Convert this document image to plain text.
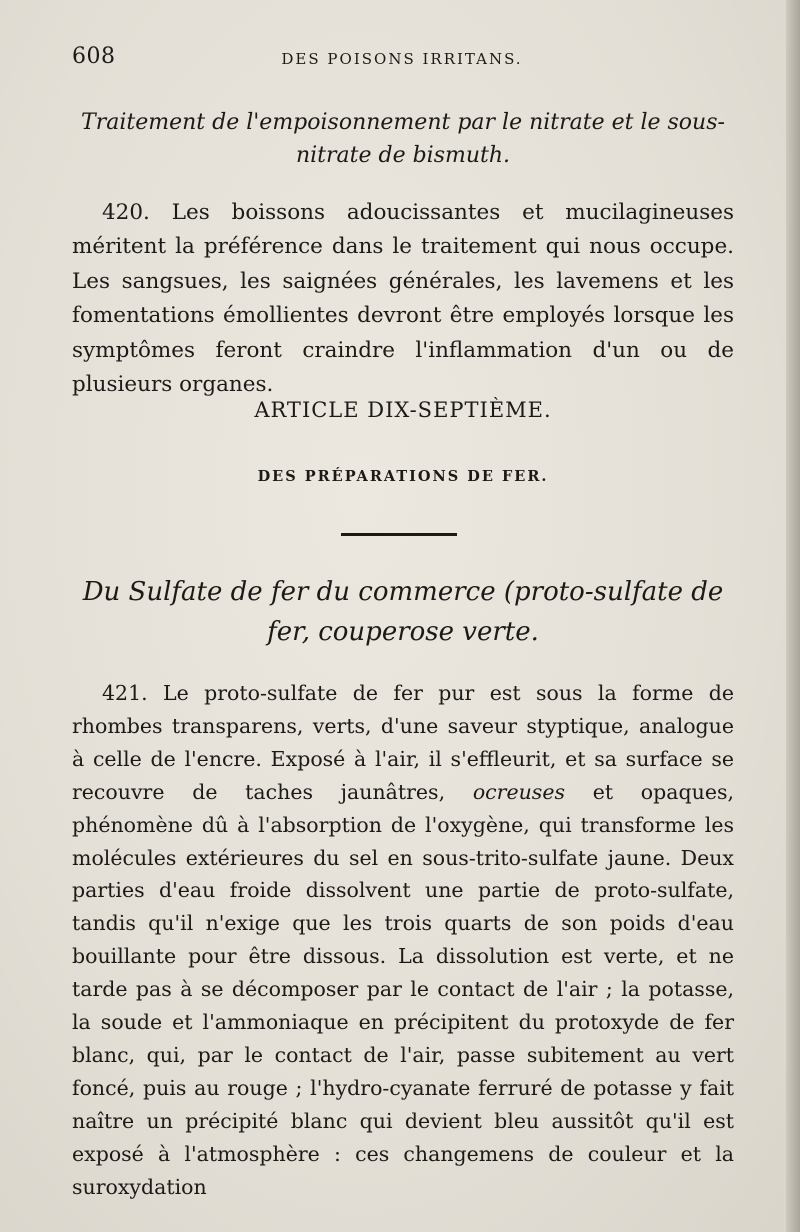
608	DES POISONS IRRITANS.
Traitement de l'empoisonnement par le nitrate et le sous-
nitrate de bismuth.
420. Les boissons adoucissantes et mucilagineuses méritent la préférence dans le traitement qui nous occupe. Les sangsues, les saignées générales, les lavemens et les fomentations émollientes devront être employés lorsque les symptômes feront craindre l'inflammation d'un ou de plusieurs organes.
ARTICLE DIX-SEPTIÈME.
DES PRÉPARATIONS DE FER.
Du Sulfate de fer du commerce (proto-sulfate de
fer, couperose verte.
421. Le proto-sulfate de fer pur est sous la forme de rhombes transparens, verts, d'une saveur styptique, analogue à celle de l'encre. Exposé à l'air, il s'effleurit, et sa surface se recouvre de taches jaunâtres, ocreuses et opaques, phénomène dû à l'absorption de l'oxygène, qui transforme les molécules extérieures du sel en sous-trito-sulfate jaune. Deux parties d'eau froide dissolvent une partie de proto-sulfate, tandis qu'il n'exige que les trois quarts de son poids d'eau bouillante pour être dissous. La dissolution est verte, et ne tarde pas à se décomposer par le contact de l'air ; la potasse, la soude et l'ammoniaque en précipitent du protoxyde de fer blanc, qui, par le contact de l'air, passe subitement au vert foncé, puis au rouge ; l'hydro-cyanate ferruré de potasse y fait naître un précipité blanc qui devient bleu aussitôt qu'il est exposé à l'atmosphère : ces changemens de couleur et la suroxydation
